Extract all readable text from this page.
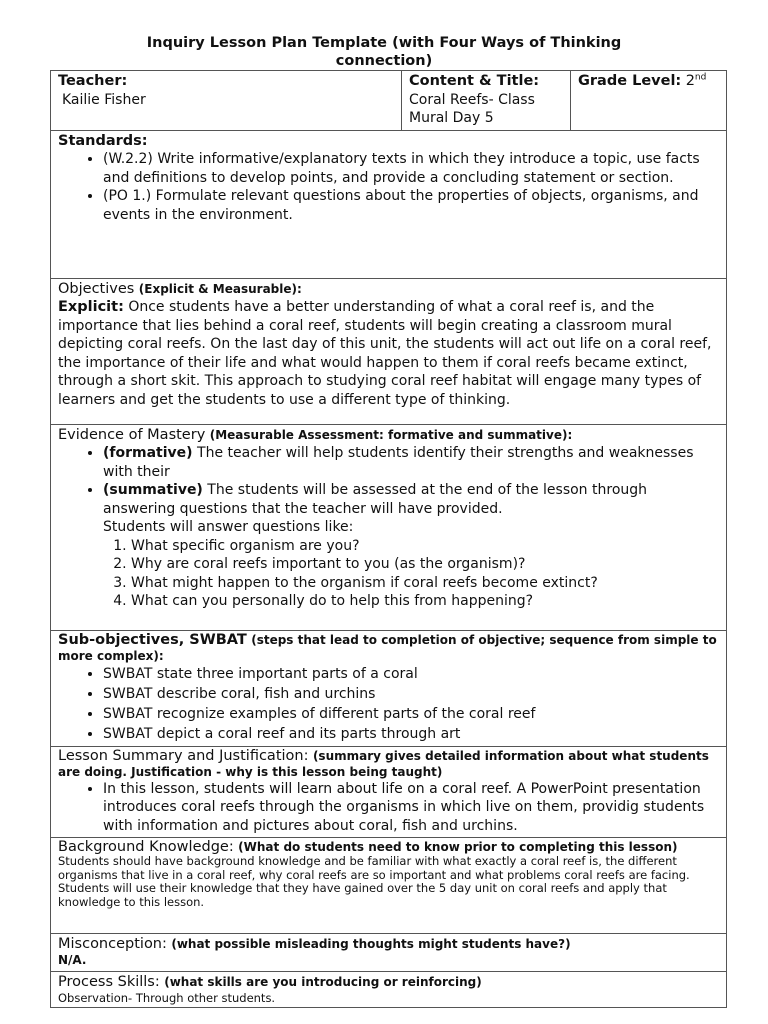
Inquiry Lesson Plan Template (with Four Ways of Thinking
connection)
Teacher:
Kailie Fisher

Content & Title:
Coral Reefs- Class
Mural Day 5
	Grade Level: 2nd

Standards:
• (W.2.2) Write informative/explanatory texts in which they introduce a topic, use facts and definitions to develop points, and provide a concluding statement or section.
• (PO 1.) Formulate relevant questions about the properties of objects, organisms, and events in the environment.

Objectives (Explicit & Measurable):
Explicit: Once students have a better understanding of what a coral reef is, and the importance that lies behind a coral reef, students will begin creating a classroom mural depicting coral reefs. On the last day of this unit, the students will act out life on a coral reef, the importance of their life and what would happen to them if coral reefs became extinct, through a short skit. This approach to studying coral reef habitat will engage many types of learners and get the students to use a different type of thinking.

Evidence of Mastery (Measurable Assessment: formative and summative):
• (formative) The teacher will help students identify their strengths and weaknesses with their
• (summative) The students will be assessed at the end of the lesson through answering questions that the teacher will have provided.
Students will answer questions like:
1. What specific organism are you?
2. Why are coral reefs important to you (as the organism)?
3. What might happen to the organism if coral reefs become extinct?
4. What can you personally do to help this from happening?

Sub-objectives, SWBAT (steps that lead to completion of objective; sequence from simple to more complex):
• SWBAT state three important parts of a coral
• SWBAT describe coral, fish and urchins
• SWBAT recognize examples of different parts of the coral reef
• SWBAT depict a coral reef and its parts through art

Lesson Summary and Justification: (summary gives detailed information about what students are doing. Justification - why is this lesson being taught)
• In this lesson, students will learn about life on a coral reef. A PowerPoint presentation introduces coral reefs through the organisms in which live on them, providig students with information and pictures about coral, fish and urchins.

Background Knowledge: (What do students need to know prior to completing this lesson)
Students should have background knowledge and be familiar with what exactly a coral reef is, the different organisms that live in a coral reef, why coral reefs are so important and what problems coral reefs are facing. Students will use their knowledge that they have gained over the 5 day unit on coral reefs and apply that knowledge to this lesson.

Misconception: (what possible misleading thoughts might students have?)
N/A.

Process Skills: (what skills are you introducing or reinforcing)
Observation- Through other students.
